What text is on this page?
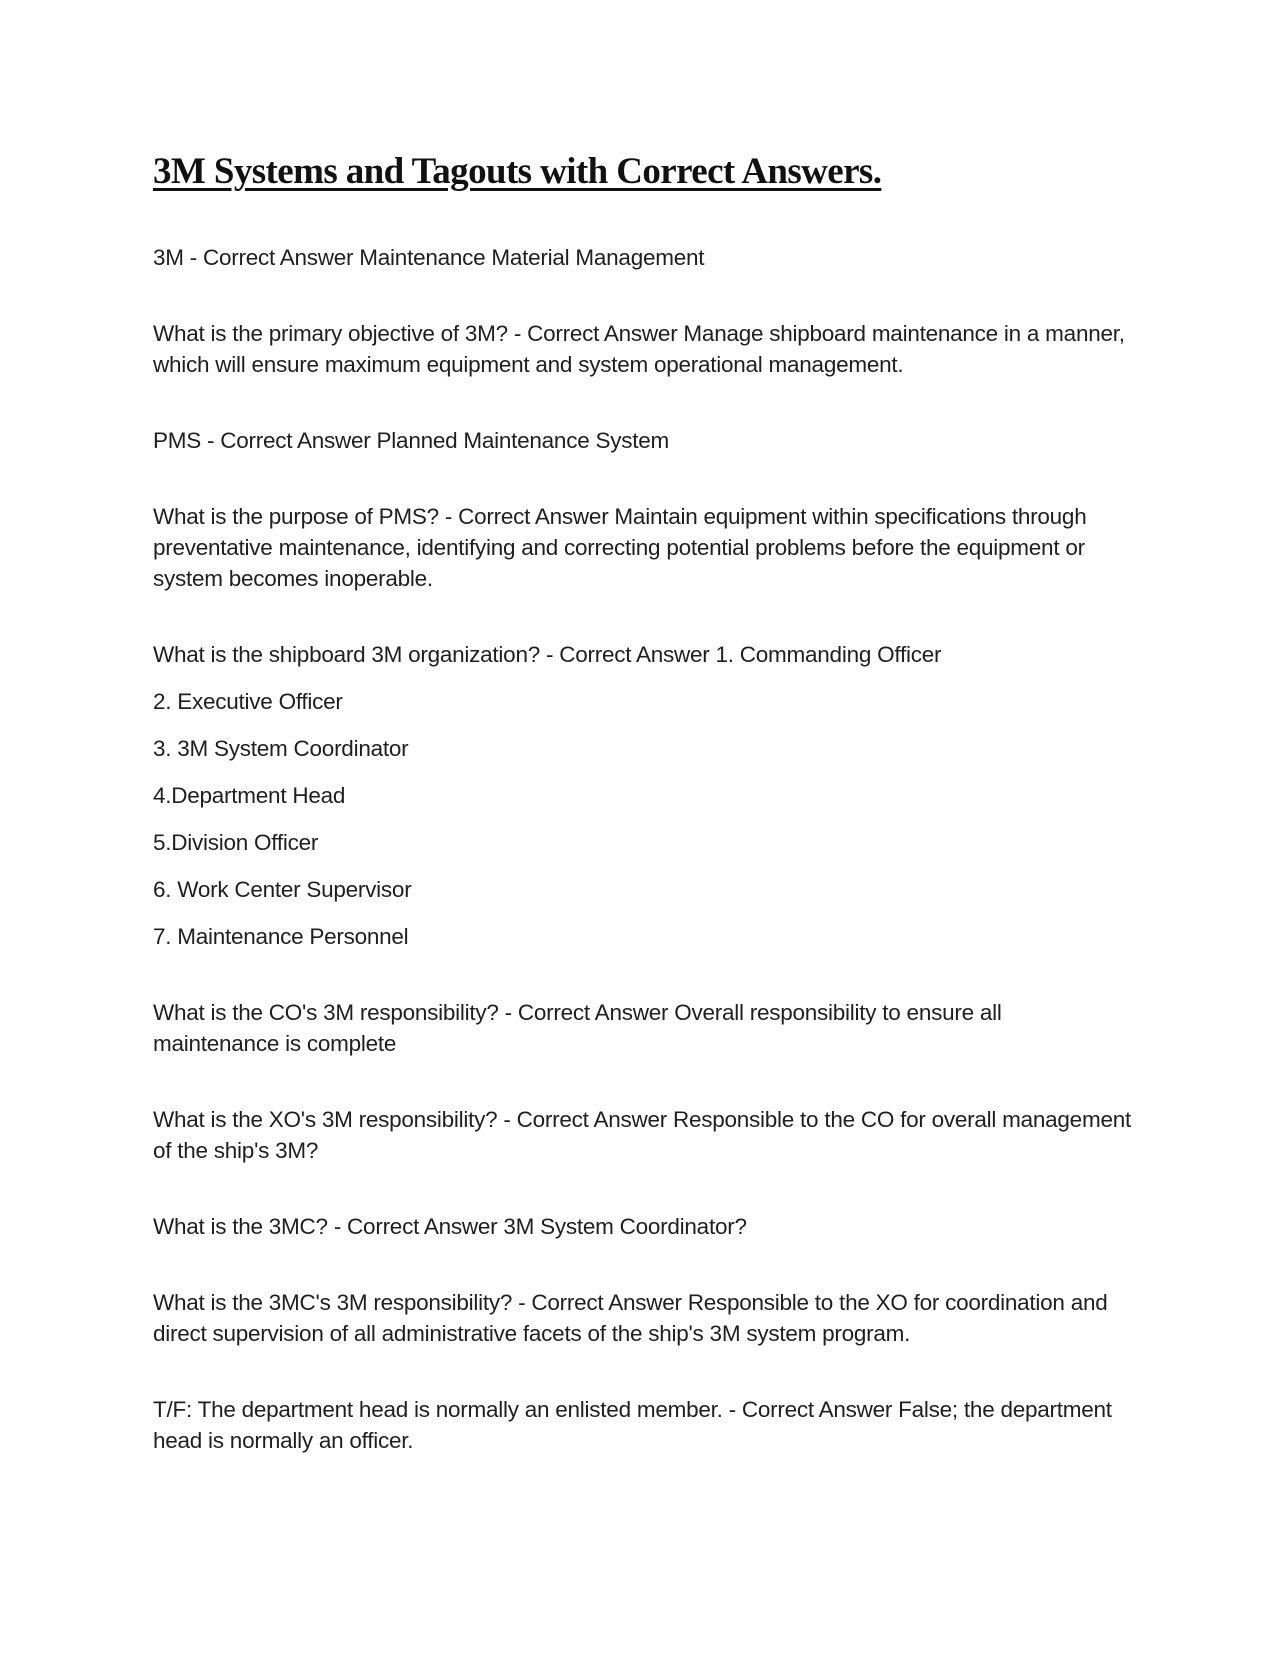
3M Systems and Tagouts with Correct Answers.

3M - Correct Answer Maintenance Material Management

What is the primary objective of 3M? - Correct Answer Manage shipboard maintenance in a manner, which will ensure maximum equipment and system operational management.

PMS - Correct Answer Planned Maintenance System

What is the purpose of PMS? - Correct Answer Maintain equipment within specifications through preventative maintenance, identifying and correcting potential problems before the equipment or system becomes inoperable.

What is the shipboard 3M organization? - Correct Answer 1. Commanding Officer

2. Executive Officer

3. 3M System Coordinator

4.Department Head

5.Division Officer

6. Work Center Supervisor

7. Maintenance Personnel

What is the CO's 3M responsibility? - Correct Answer Overall responsibility to ensure all maintenance is complete

What is the XO's 3M responsibility? - Correct Answer Responsible to the CO for overall management of the ship's 3M?

What is the 3MC? - Correct Answer 3M System Coordinator?

What is the 3MC's 3M responsibility? - Correct Answer Responsible to the XO for coordination and direct supervision of all administrative facets of the ship's 3M system program.

T/F: The department head is normally an enlisted member. - Correct Answer False; the department head is normally an officer.
